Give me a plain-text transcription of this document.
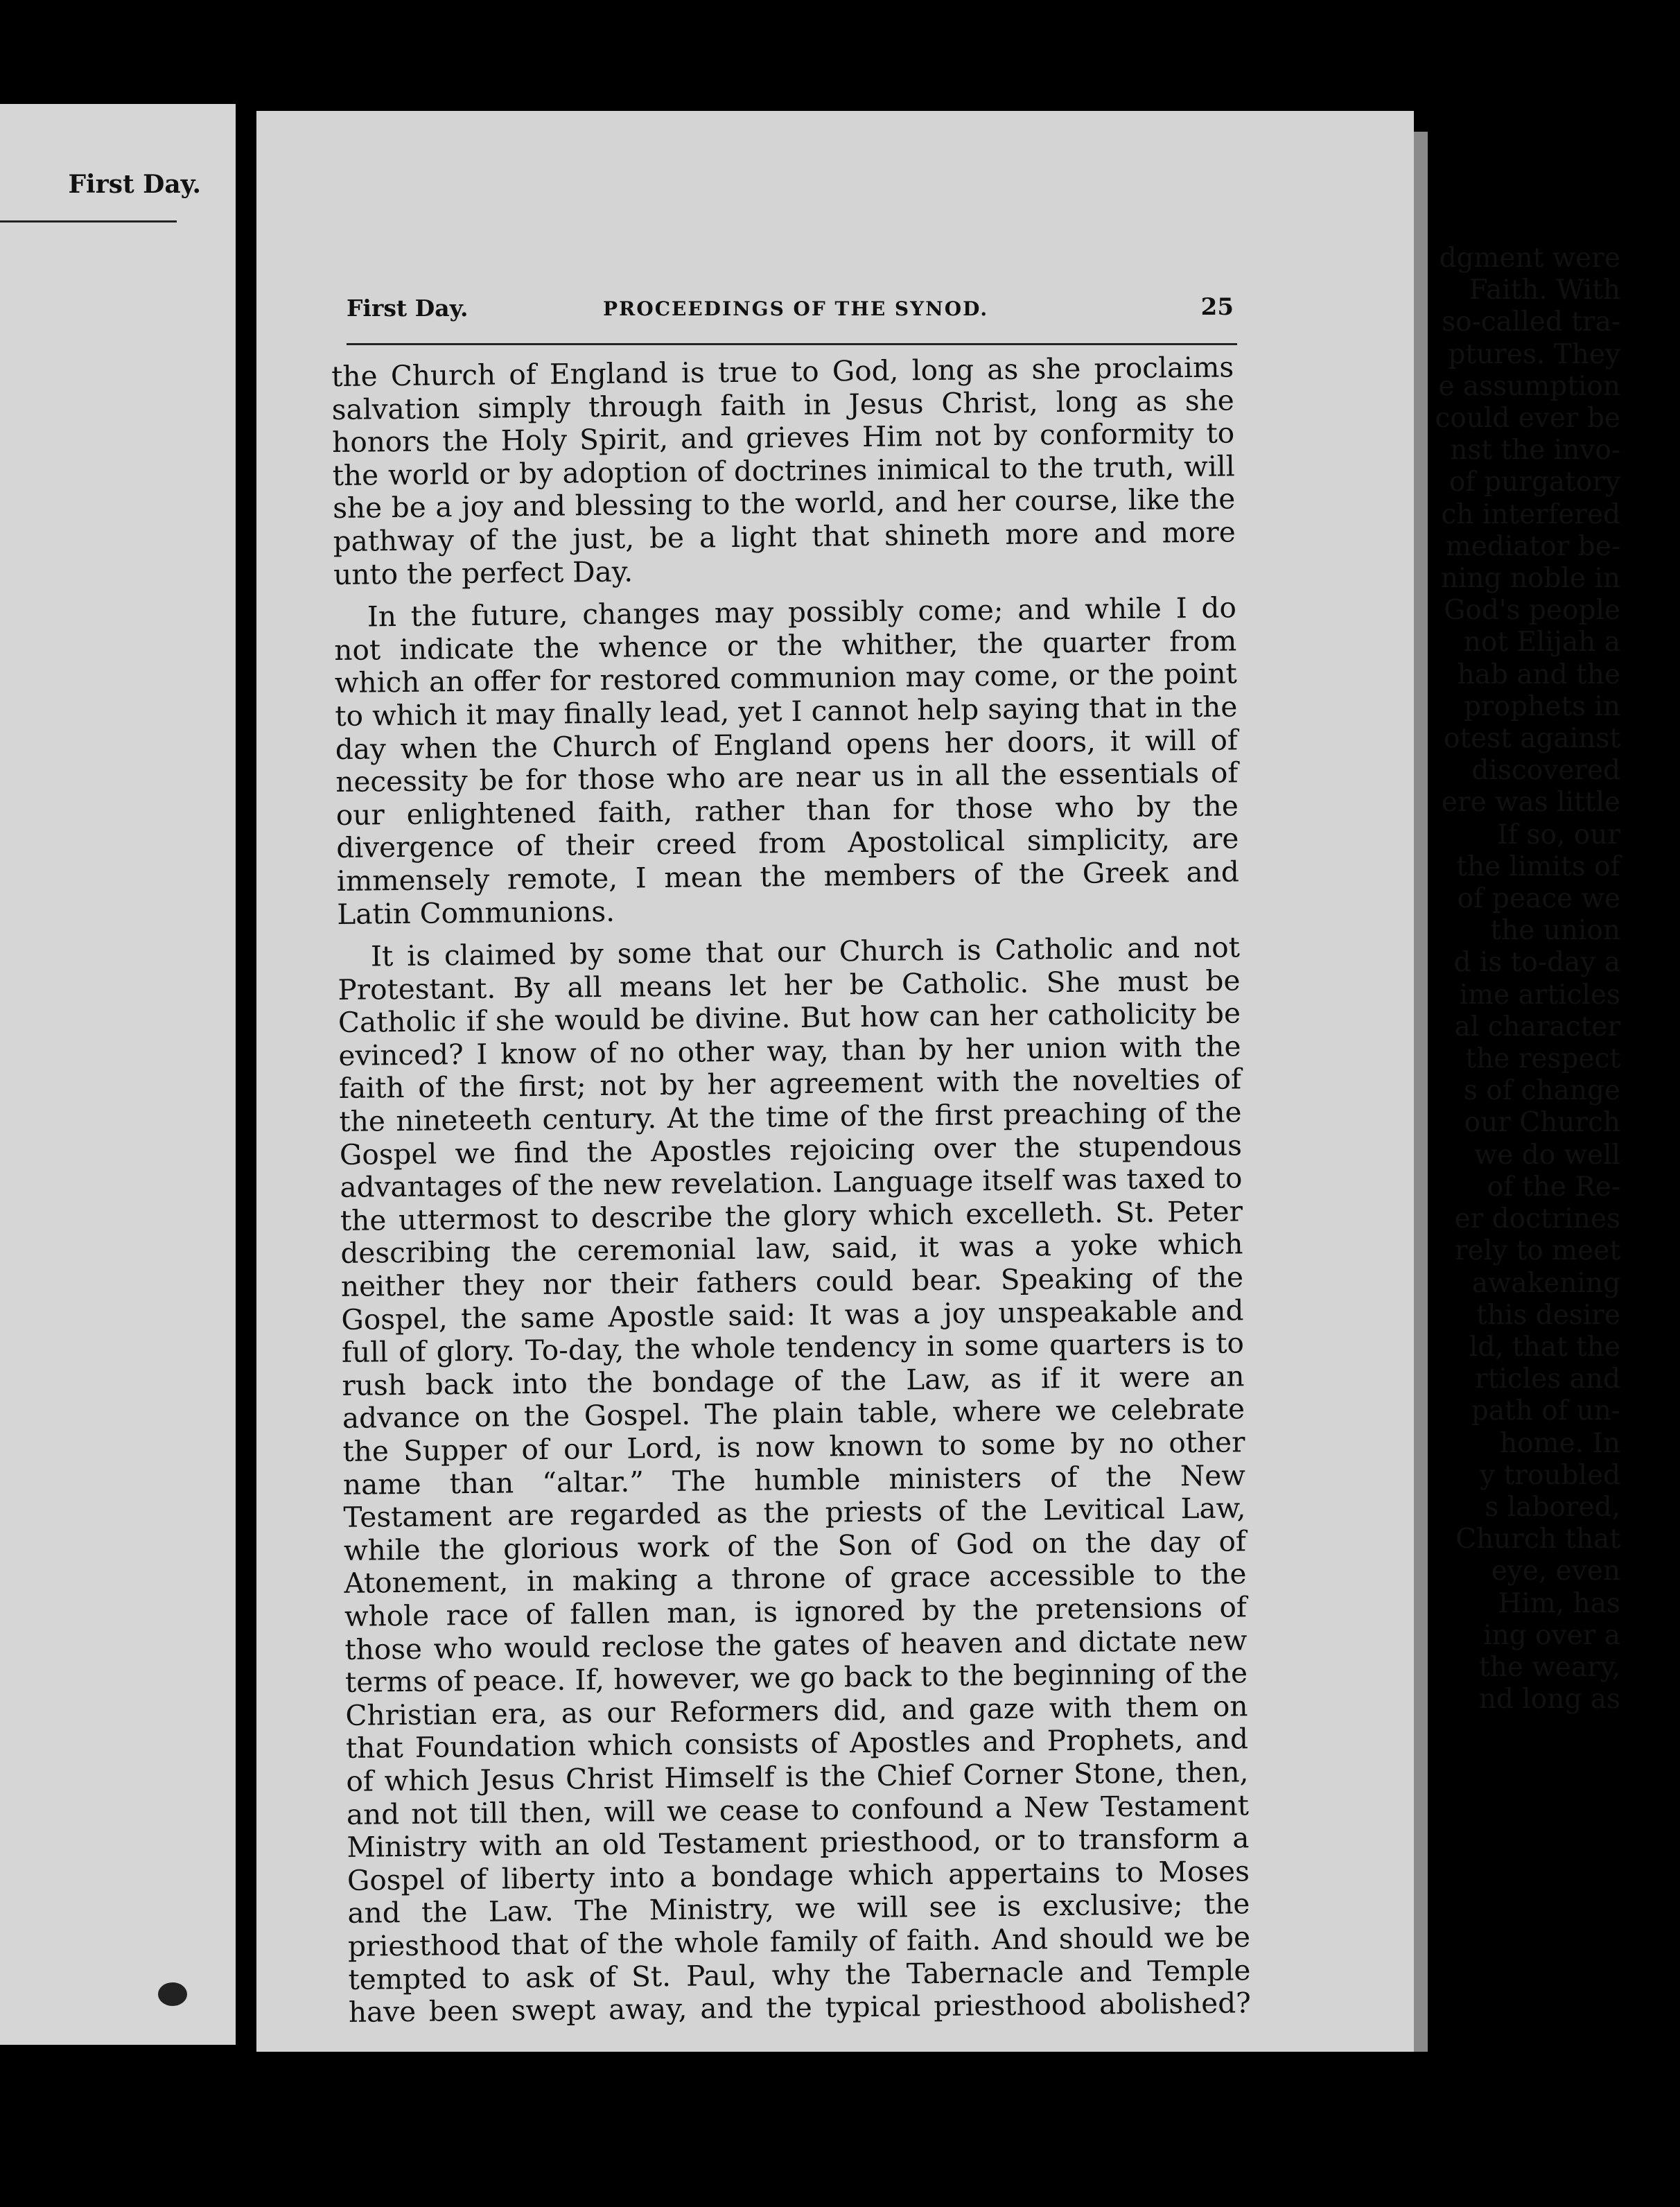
First Day.
dgment were
Faith. With
so-called tra-
ptures. They
e assumption
could ever be
nst the invo-
of purgatory
ch interfered
mediator be-
ning noble in
God's people
not Elijah a
hab and the
prophets in
otest against
discovered
ere was little
If so, our
the limits of
of peace we
the union
d is to-day a
ime articles
al character
the respect
s of change
our Church
we do well
of the Re-
er doctrines
rely to meet
awakening
this desire
ld, that the
rticles and
path of un-
home. In
y troubled
s labored,
Church that
eye, even
Him, has
ing over a
the weary,
nd long as
First Day.	PROCEEDINGS OF THE SYNOD.	25

the Church of England is true to God, long as she proclaims salvation simply through faith in Jesus Christ, long as she honors the Holy Spirit, and grieves Him not by conformity to the world or by adoption of doctrines inimical to the truth, will she be a joy and blessing to the world, and her course, like the pathway of the just, be a light that shineth more and more unto the perfect Day.

In the future, changes may possibly come; and while I do not indicate the whence or the whither, the quarter from which an offer for restored communion may come, or the point to which it may finally lead, yet I cannot help saying that in the day when the Church of England opens her doors, it will of necessity be for those who are near us in all the essentials of our enlightened faith, rather than for those who by the divergence of their creed from Apostolical simplicity, are immensely remote, I mean the members of the Greek and Latin Communions.

It is claimed by some that our Church is Catholic and not Protestant. By all means let her be Catholic. She must be Catholic if she would be divine. But how can her catholicity be evinced? I know of no other way, than by her union with the faith of the first; not by her agreement with the novelties of the nineteeth century. At the time of the first preaching of the Gospel we find the Apostles rejoicing over the stupendous advantages of the new revelation. Language itself was taxed to the uttermost to describe the glory which excelleth. St. Peter describing the ceremonial law, said, it was a yoke which neither they nor their fathers could bear. Speaking of the Gospel, the same Apostle said: It was a joy unspeakable and full of glory. To-day, the whole tendency in some quarters is to rush back into the bondage of the Law, as if it were an advance on the Gospel. The plain table, where we celebrate the Supper of our Lord, is now known to some by no other name than “altar.” The humble ministers of the New Testament are regarded as the priests of the Levitical Law, while the glorious work of the Son of God on the day of Atonement, in making a throne of grace accessible to the whole race of fallen man, is ignored by the pretensions of those who would reclose the gates of heaven and dictate new terms of peace. If, however, we go back to the beginning of the Christian era, as our Reformers did, and gaze with them on that Foundation which consists of Apostles and Prophets, and of which Jesus Christ Himself is the Chief Corner Stone, then, and not till then, will we cease to confound a New Testament Ministry with an old Testament priesthood, or to transform a Gospel of liberty into a bondage which appertains to Moses and the Law. The Ministry, we will see is exclusive; the priesthood that of the whole family of faith. And should we be tempted to ask of St. Paul, why the Tabernacle and Temple have been swept away, and the typical priesthood abolished?
